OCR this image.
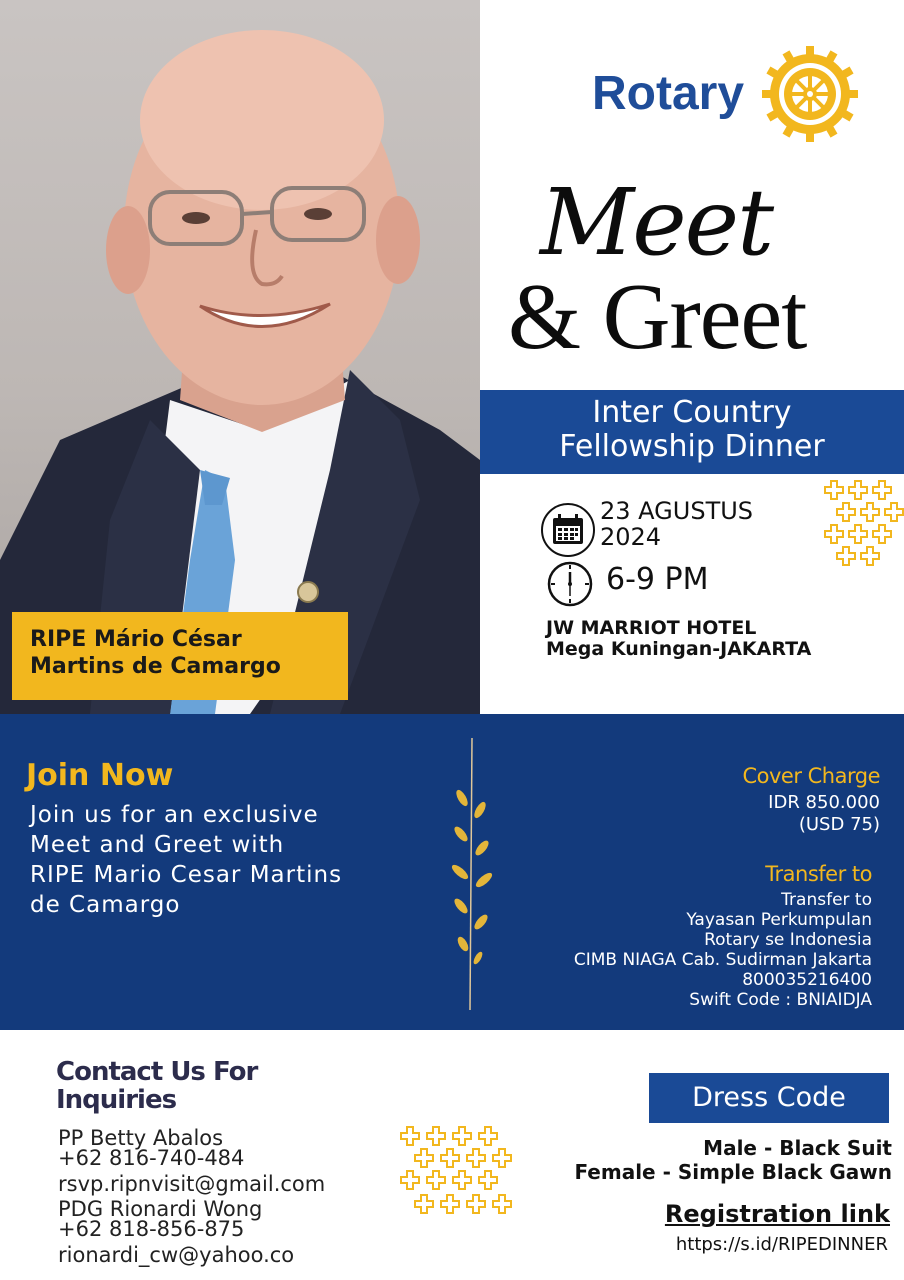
RIPE Mário César
Martins de Camargo
Rotary
Meet
& Greet
Inter Country
Fellowship Dinner
23 AGUSTUS
2024
6-9 PM
JW MARRIOT HOTEL
Mega Kuningan-JAKARTA
Join Now
Join us for an exclusive
Meet and Greet with
RIPE Mario Cesar Martins
de Camargo
Cover Charge
IDR 850.000
(USD 75)
Transfer to
Transfer to
Yayasan Perkumpulan
Rotary se Indonesia
CIMB NIAGA Cab. Sudirman Jakarta
800035216400
Swift Code : BNIAIDJA
Contact Us For
Inquiries
PP Betty Abalos
+62 816-740-484
rsvp.ripnvisit@gmail.com
PDG Rionardi Wong
+62 818-856-875
rionardi_cw@yahoo.co
Dress Code
Male - Black Suit
Female - Simple Black Gawn
Registration link
https://s.id/RIPEDINNER
